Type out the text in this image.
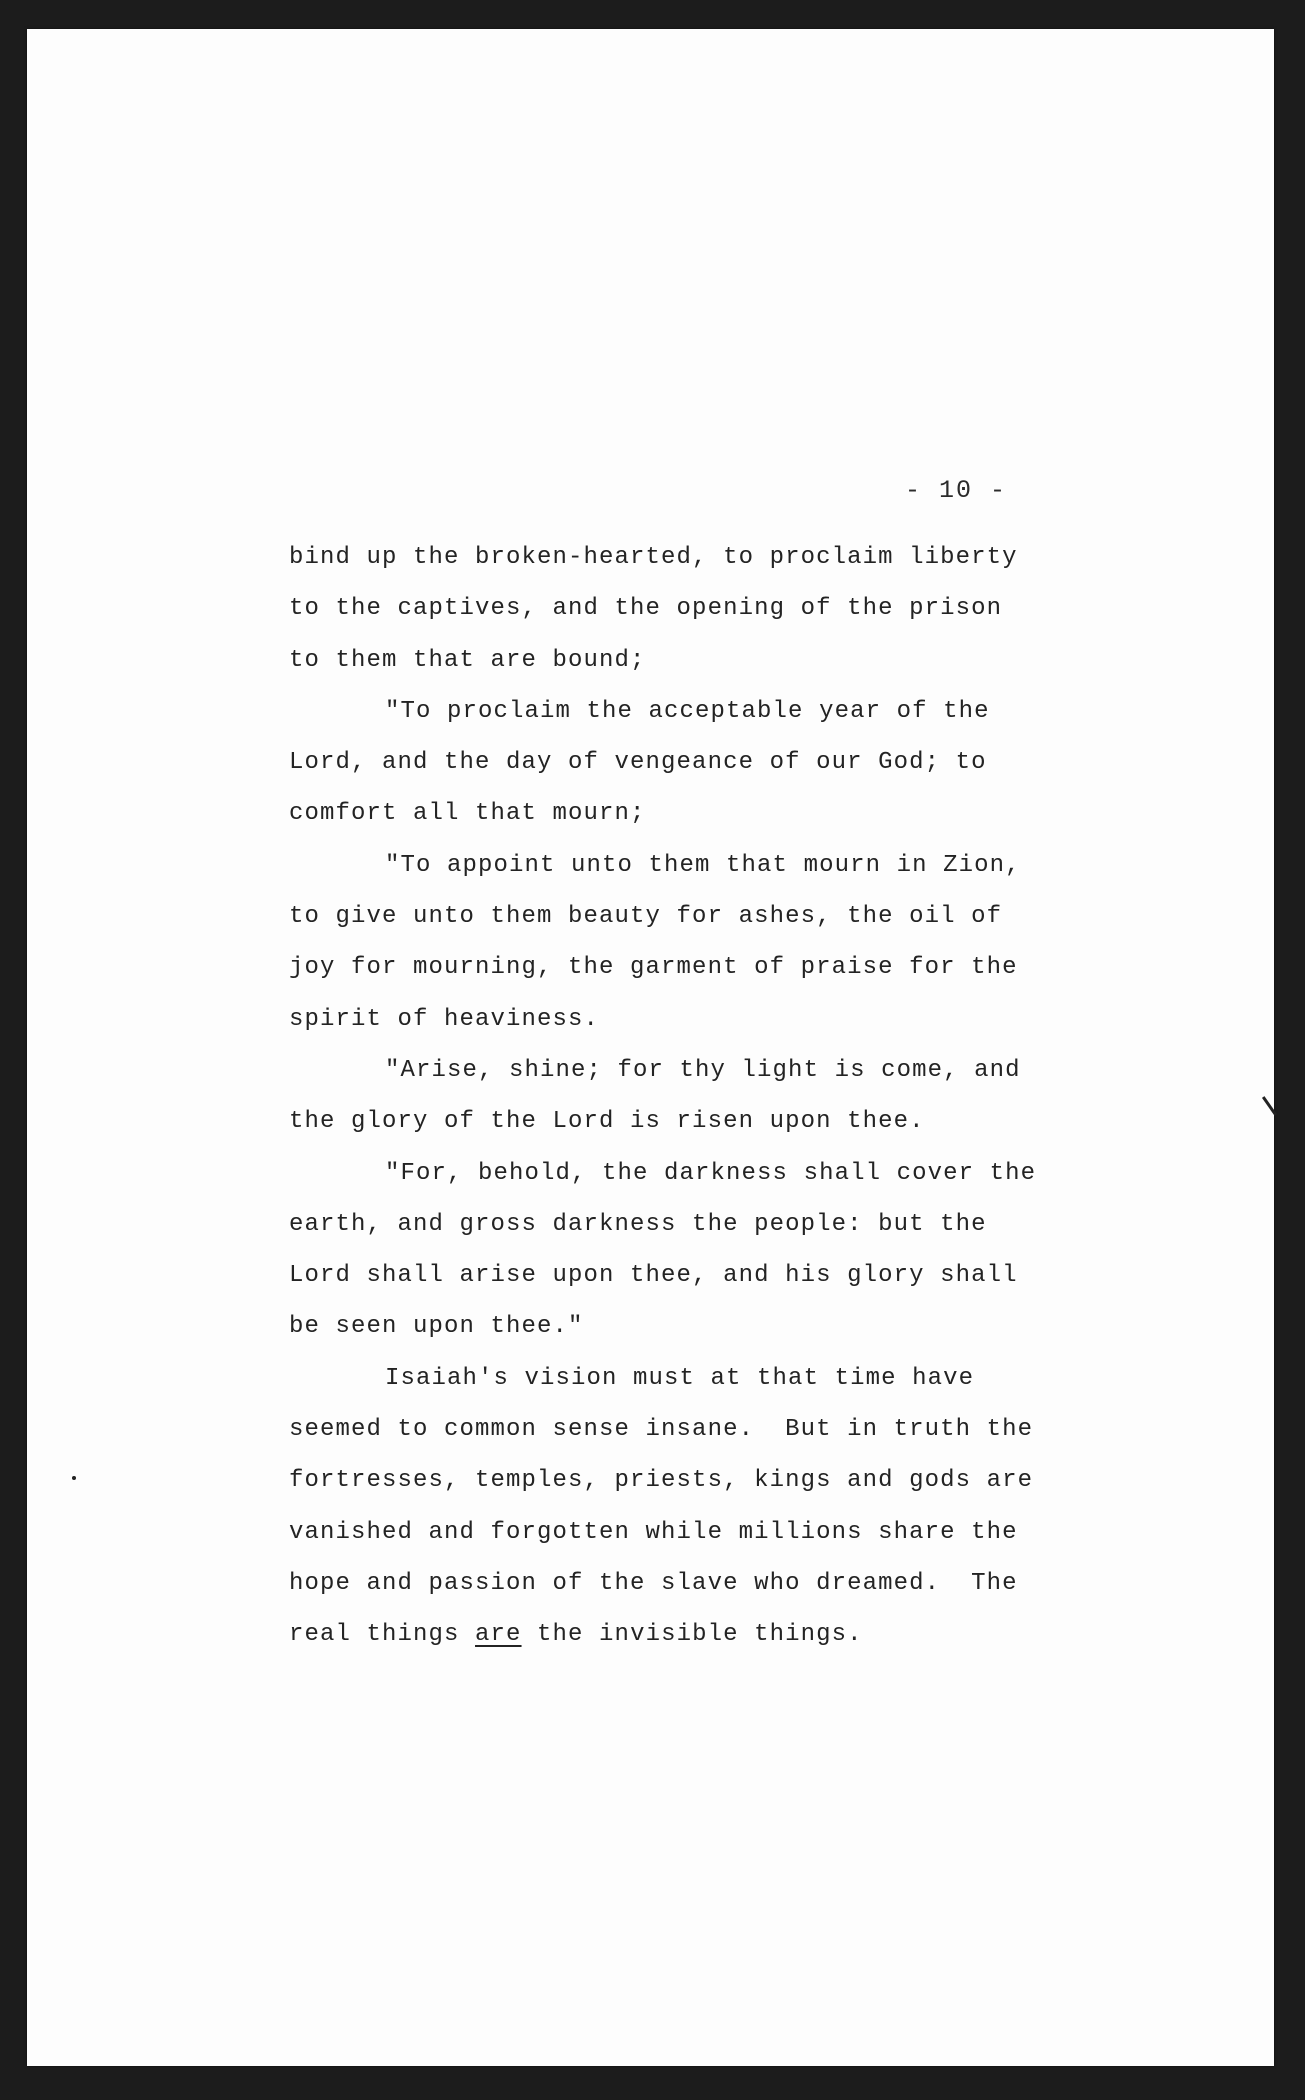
- 10 -
bind up the broken-hearted, to proclaim liberty
to the captives, and the opening of the prison
to them that are bound;
"To proclaim the acceptable year of the
Lord, and the day of vengeance of our God; to
comfort all that mourn;
"To appoint unto them that mourn in Zion,
to give unto them beauty for ashes, the oil of
joy for mourning, the garment of praise for the
spirit of heaviness.
"Arise, shine; for thy light is come, and
the glory of the Lord is risen upon thee.
"For, behold, the darkness shall cover the
earth, and gross darkness the people: but the
Lord shall arise upon thee, and his glory shall
be seen upon thee."
Isaiah's vision must at that time have
seemed to common sense insane.  But in truth the
fortresses, temples, priests, kings and gods are
vanished and forgotten while millions share the
hope and passion of the slave who dreamed.  The
real things are the invisible things.
